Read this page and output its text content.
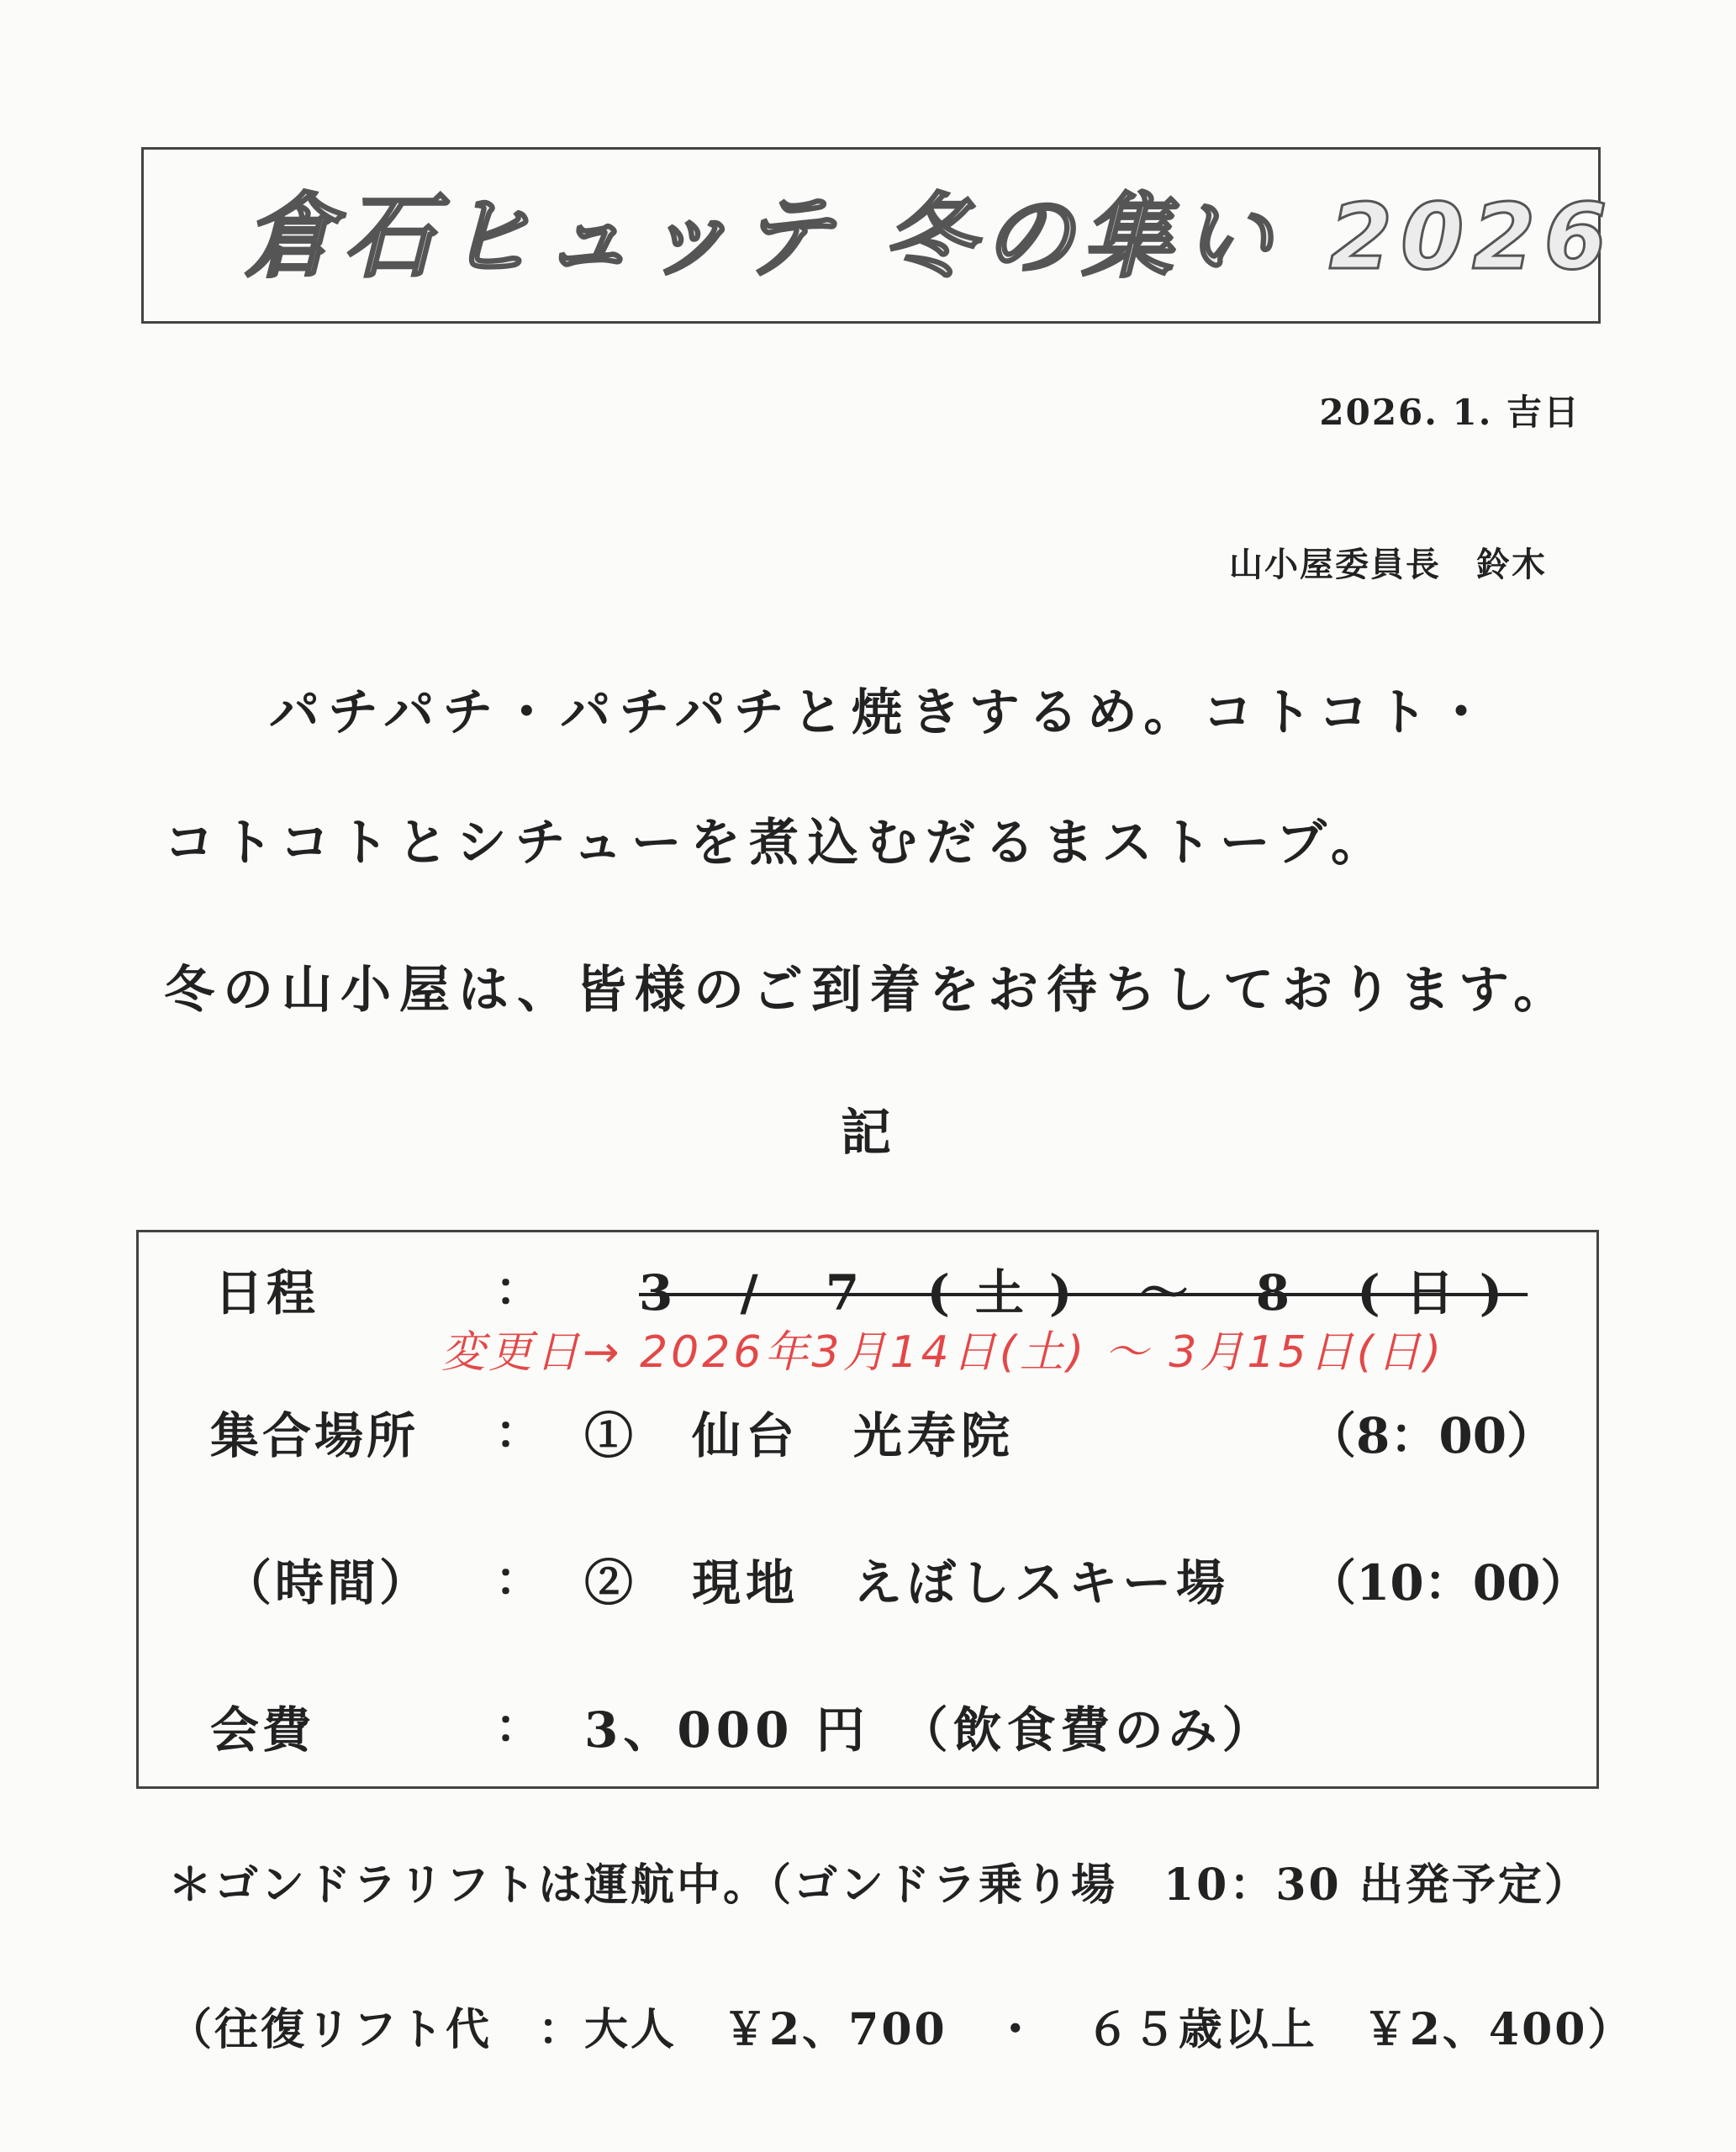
倉石ヒュッテ 冬の集い 2026
2026. 1. 吉日
山小屋委員長　鈴木
パチパチ・パチパチと焼きするめ。コトコト・
コトコトとシチューを煮込むだるまストーブ。
冬の山小屋は、皆様のご到着をお待ちしております。
記
日程	： 3 / 7 (土) ～ 8 (日)
変更日→ 2026年3月14日(土) ～ 3月15日(日)
集合場所 ： ①　仙台　光寿院	（8：00）
（時間） ： ②　現地　えぼしスキー場 （10：00）
会費	： 3、000 円　（飲食費のみ）
＊ゴンドラリフトは運航中。（ゴンドラ乗り場　10：30 出発予定）
（往復リフト代　：大人　￥2、700　・　６５歳以上　￥2、400）
